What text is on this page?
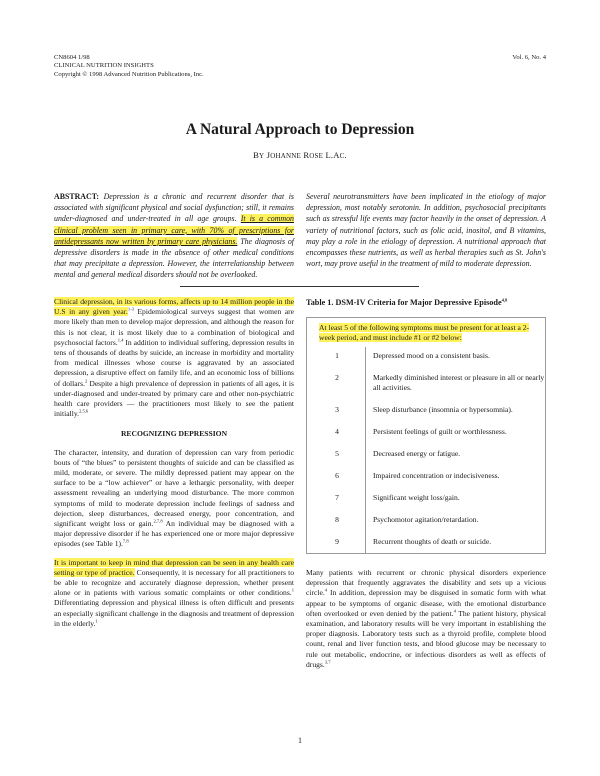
CN8604 1/98
CLINICAL NUTRITION INSIGHTS
Copyright © 1998 Advanced Nutrition Publications, Inc.
Vol. 6, No. 4
A Natural Approach to Depression
BY JOHANNE ROSE L.AC.
ABSTRACT: Depression is a chronic and recurrent disorder that is associated with significant physical and social dysfunction; still, it remains under-diagnosed and under-treated in all age groups. It is a common clinical problem seen in primary care, with 70% of prescriptions for antidepressants now written by primary care physicians. The diagnosis of depressive disorders is made in the absence of other medical conditions that may precipitate a depression. However, the interrelationship between mental and general medical disorders should not be overlooked.
Several neurotransmitters have been implicated in the etiology of major depression, most notably serotonin. In addition, psychosocial precipitants such as stressful life events may factor heavily in the onset of depression. A variety of nutritional factors, such as folic acid, inositol, and B vitamins, may play a role in the etiology of depression. A nutritional approach that encompasses these nutrients, as well as herbal therapies such as St. John's wort, may prove useful in the treatment of mild to moderate depression.

Clinical depression, in its various forms, affects up to 14 million people in the U.S in any given year.$^{1-3}$ Epidemiological surveys suggest that women are more likely than men to develop major depression, and although the reason for this is not clear, it is most likely due to a combination of biological and psychosocial factors.$^{1,4}$ In addition to individual suffering, depression results in tens of thousands of deaths by suicide, an increase in morbidity and mortality from medical illnesses whose course is aggravated by an associated depression, a disruptive effect on family life, and an economic loss of billions of dollars.$^2$ Despite a high prevalence of depression in patients of all ages, it is under-diagnosed and under-treated by primary care and other non-psychiatric health care providers — the practitioners most likely to see the patient initially.$^{2,5,6}$

RECOGNIZING DEPRESSION

The character, intensity, and duration of depression can vary from periodic bouts of “the blues” to persistent thoughts of suicide and can be classified as mild, moderate, or severe. The mildly depressed patient may appear on the surface to be a “low achiever” or have a lethargic personality, with deeper assessment revealing an underlying mood disturbance. The more common symptoms of mild to moderate depression include feelings of sadness and dejection, sleep disturbances, decreased energy, poor concentration, and significant weight loss or gain.$^{2,7,8}$ An individual may be diagnosed with a major depressive disorder if he has experienced one or more major depressive episodes (see Table 1).$^{7,8}$

It is important to keep in mind that depression can be seen in any health care setting or type of practice. Consequently, it is necessary for all practitioners to be able to recognize and accurately diagnose depression, whether present alone or in patients with various somatic complaints or other conditions.$^1$ Differentiating depression and physical illness is often difficult and presents an especially significant challenge in the diagnosis and treatment of depression in the elderly.$^1$

Table 1. DSM-IV Criteria for Major Depressive Episode$^{4,8}$
At least 5 of the following symptoms must be present for at least a 2-week period, and must include #1 or #2 below:
1	Depressed mood on a consistent basis.
2	Markedly diminished interest or pleasure in all or nearly all activities.
3	Sleep disturbance (insomnia or hypersomnia).
4	Persistent feelings of guilt or worthlessness.
5	Decreased energy or fatigue.
6	Impaired concentration or indecisiveness.
7	Significant weight loss/gain.
8	Psychomotor agitation/retardation.
9	Recurrent thoughts of death or suicide.

Many patients with recurrent or chronic physical disorders experience depression that frequently aggravates the disability and sets up a vicious circle.$^4$ In addition, depression may be disguised in somatic form with what appear to be symptoms of organic disease, with the emotional disturbance often overlooked or even denied by the patient.$^4$ The patient history, physical examination, and laboratory results will be very important in establishing the proper diagnosis. Laboratory tests such as a thyroid profile, complete blood count, renal and liver function tests, and blood glucose may be necessary to rule out metabolic, endocrine, or infectious disorders as well as effects of drugs.$^{3,7}$

1
